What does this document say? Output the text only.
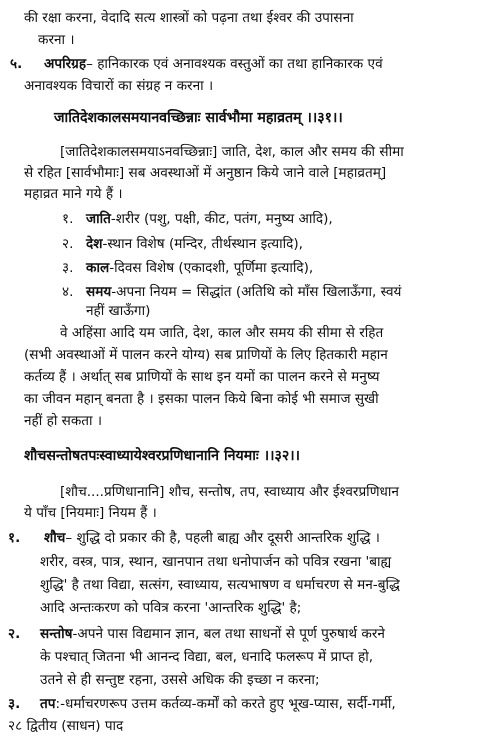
की रक्षा करना, वेदादि सत्य शास्त्रों को पढ़ना तथा ईश्वर की उपासना
करना ।
५. अपरिग्रह– हानिकारक एवं अनावश्यक वस्तुओं का तथा हानिकारक एवं
अनावश्यक विचारों का संग्रह न करना ।
जातिदेशकालसमयानवच्छिन्नाः सार्वभौमा महाव्रतम् ।।३१।।
[जातिदेशकालसमयाऽनवच्छिन्नाः] जाति, देश, काल और समय की सीमा
से रहित [सार्वभौमाः] सब अवस्थाओं में अनुष्ठान किये जाने वाले [महाव्रतम्]
महाव्रत माने गये हैं ।
१. जाति-शरीर (पशु, पक्षी, कीट, पतंग, मनुष्य आदि),
२. देश-स्थान विशेष (मन्दिर, तीर्थस्थान इत्यादि),
३. काल-दिवस विशेष (एकादशी, पूर्णिमा इत्यादि),
४. समय-अपना नियम = सिद्धांत (अतिथि को माँस खिलाऊँगा, स्वयं
नहीं खाऊँगा)
वे अहिंसा आदि यम जाति, देश, काल और समय की सीमा से रहित
(सभी अवस्थाओं में पालन करने योग्य) सब प्राणियों के लिए हितकारी महान
कर्तव्य हैं । अर्थात् सब प्राणियों के साथ इन यमों का पालन करने से मनुष्य
का जीवन महान् बनता है । इसका पालन किये बिना कोई भी समाज सुखी
नहीं हो सकता ।
शौचसन्तोषतपःस्वाध्यायेश्वरप्रणिधानानि नियमाः ।।३२।।
[शौच....प्रणिधानानि] शौच, सन्तोष, तप, स्वाध्याय और ईश्वरप्रणिधान
ये पाँच [नियमाः] नियम हैं ।
१. शौच– शुद्धि दो प्रकार की है, पहली बाह्य और दूसरी आन्तरिक शुद्धि ।
शरीर, वस्त्र, पात्र, स्थान, खानपान तथा धनोपार्जन को पवित्र रखना 'बाह्य
शुद्धि' है तथा विद्या, सत्संग, स्वाध्याय, सत्यभाषण व धर्माचरण से मन-बुद्धि
आदि अन्तःकरण को पवित्र करना 'आन्तरिक शुद्धि' है;
२. सन्तोष-अपने पास विद्यमान ज्ञान, बल तथा साधनों से पूर्ण पुरुषार्थ करने
के पश्चात् जितना भी आनन्द विद्या, बल, धनादि फलरूप में प्राप्त हो,
उतने से ही सन्तुष्ट रहना, उससे अधिक की इच्छा न करना;
३. तप:-धर्माचरणरूप उत्तम कर्तव्य-कर्मों को करते हुए भूख-प्यास, सर्दी-गर्मी,
२८ द्वितीय (साधन) पाद
